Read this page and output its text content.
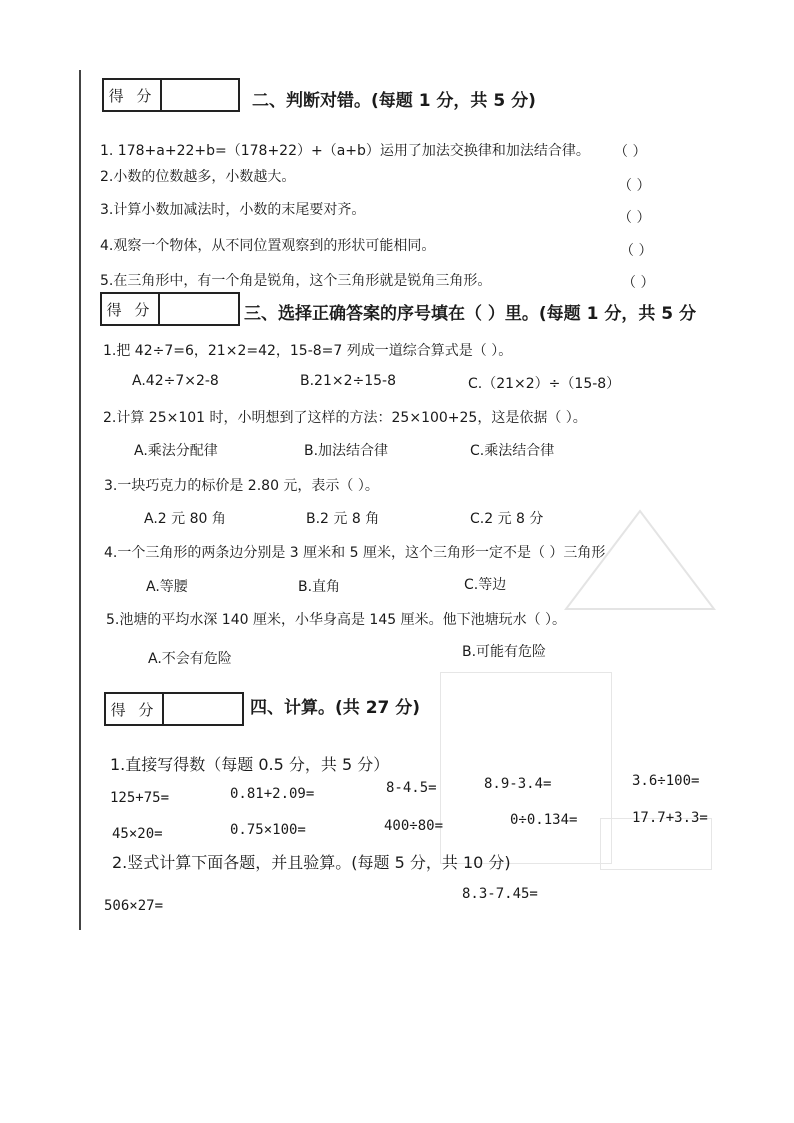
得 分	二、判断对错。(每题 1 分，共 5 分)
1. 178+a+22+b=（178+22）+（a+b）运用了加法交换律和加法结合律。 （ ）
2.小数的位数越多，小数越大。
（ ）
3.计算小数加减法时，小数的末尾要对齐。	（ ）
4.观察一个物体，从不同位置观察到的形状可能相同。	（ ）
5.在三角形中，有一个角是锐角，这个三角形就是锐角三角形。	（ ）
得 分	三、选择正确答案的序号填在（ ）里。(每题 1 分，共 5 分
1.把 42÷7=6，21×2=42，15-8=7 列成一道综合算式是（ ）。
A.42÷7×2-8	B.21×2÷15-8	C.（21×2）÷（15-8）
2.计算 25×101 时，小明想到了这样的方法：25×100+25，这是依据（ ）。
A.乘法分配律	B.加法结合律	C.乘法结合律
3.一块巧克力的标价是 2.80 元，表示（ ）。
A.2 元 80 角	B.2 元 8 角	C.2 元 8 分
4.一个三角形的两条边分别是 3 厘米和 5 厘米，这个三角形一定不是（ ）三角形
A.等腰	B.直角	C.等边
5.池塘的平均水深 140 厘米，小华身高是 145 厘米。他下池塘玩水（ ）。
A.不会有危险	B.可能有危险
得 分	四、计算。(共 27 分)
1.直接写得数（每题 0.5 分，共 5 分）
125+75=	0.81+2.09=	8-4.5=	8.9-3.4=	3.6÷100=
45×20=	0.75×100=	400÷80=	0÷0.134=	17.7+3.3=
2.竖式计算下面各题，并且验算。(每题 5 分，共 10 分)
506×27=
8.3-7.45=
